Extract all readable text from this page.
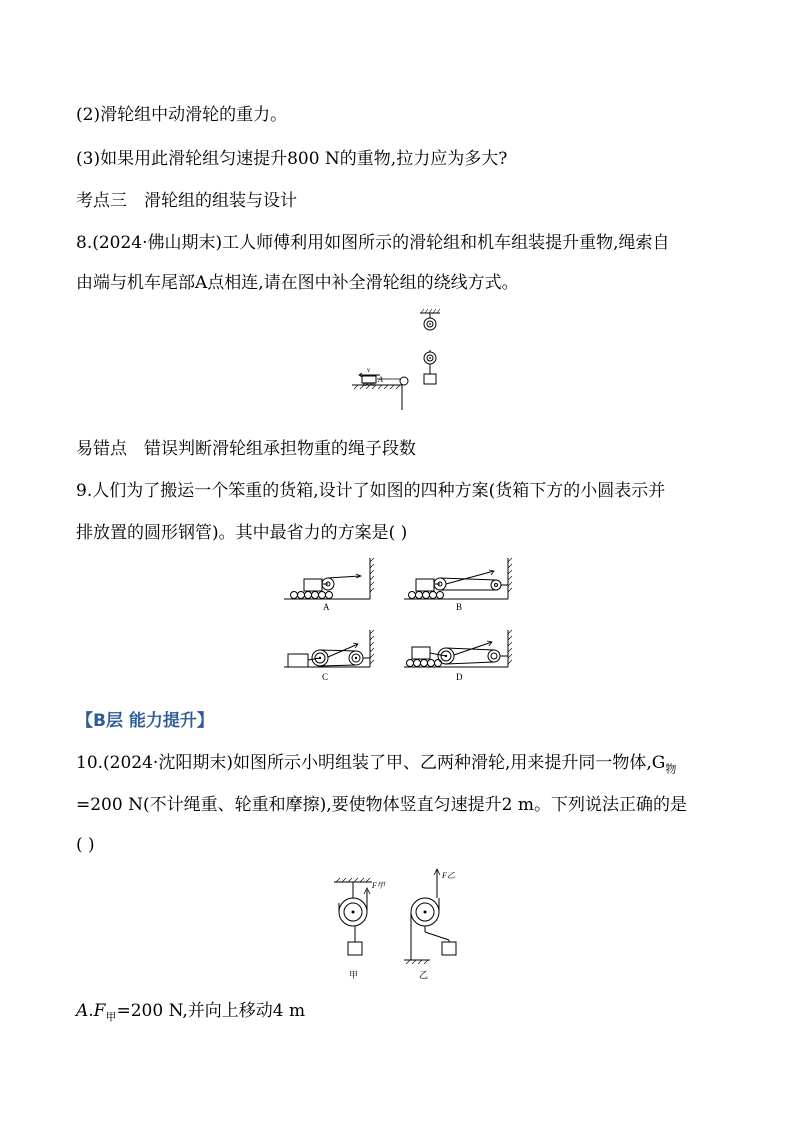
(2)滑轮组中动滑轮的重力。
(3)如果用此滑轮组匀速提升800 N的重物,拉力应为多大?
考点三　滑轮组的组装与设计
8.(2024·佛山期末)工人师傅利用如图所示的滑轮组和机车组装提升重物,绳索自
由端与机车尾部A点相连,请在图中补全滑轮组的绕线方式。
v
A
易错点　错误判断滑轮组承担物重的绳子段数
9.人们为了搬运一个笨重的货箱,设计了如图的四种方案(货箱下方的小圆表示并
排放置的圆形钢管)。其中最省力的方案是( )
A	B
C	D
【B层 能力提升】
10.(2024·沈阳期末)如图所示小明组装了甲、乙两种滑轮,用来提升同一物体$,G_物$
=200 N(不计绳重、轮重和摩擦),要使物体竖直匀速提升2 m。下列说法正确的是
( )
F甲
甲
F乙
乙
$A.F_甲=200$ N,并向上移动4 m
